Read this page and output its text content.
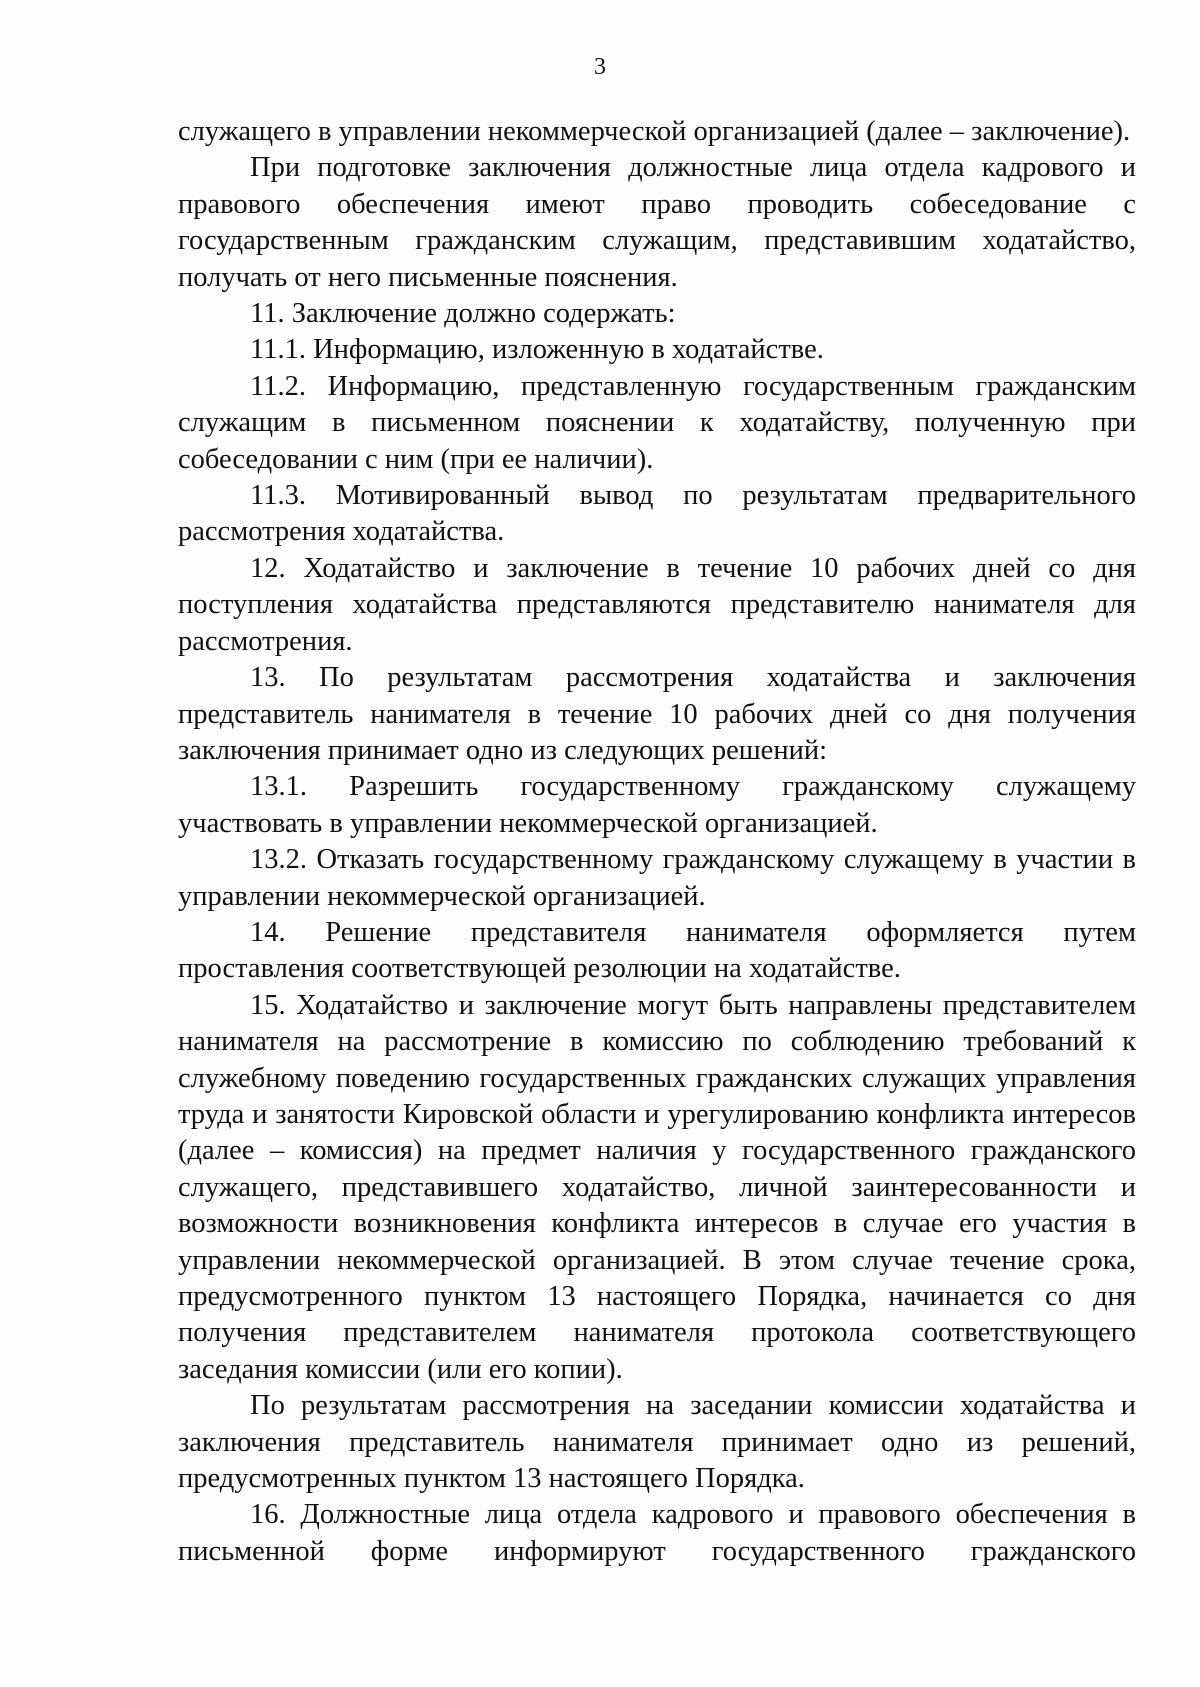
3

служащего в управлении некоммерческой организацией (далее – заключение).

При подготовке заключения должностные лица отдела кадрового и правового обеспечения имеют право проводить собеседование с государственным гражданским служащим, представившим ходатайство, получать от него письменные пояснения.

11. Заключение должно содержать:

11.1. Информацию, изложенную в ходатайстве.

11.2. Информацию, представленную государственным гражданским служащим в письменном пояснении к ходатайству, полученную при собеседовании с ним (при ее наличии).

11.3. Мотивированный вывод по результатам предварительного рассмотрения ходатайства.

12. Ходатайство и заключение в течение 10 рабочих дней со дня поступления ходатайства представляются представителю нанимателя для рассмотрения.

13. По результатам рассмотрения ходатайства и заключения представитель нанимателя в течение 10 рабочих дней со дня получения заключения принимает одно из следующих решений:

13.1. Разрешить государственному гражданскому служащему участвовать в управлении некоммерческой организацией.

13.2. Отказать государственному гражданскому служащему в участии в управлении некоммерческой организацией.

14. Решение представителя нанимателя оформляется путем проставления соответствующей резолюции на ходатайстве.

15. Ходатайство и заключение могут быть направлены представителем нанимателя на рассмотрение в комиссию по соблюдению требований к служебному поведению государственных гражданских служащих управления труда и занятости Кировской области и урегулированию конфликта интересов (далее – комиссия) на предмет наличия у государственного гражданского служащего, представившего ходатайство, личной заинтересованности и возможности возникновения конфликта интересов в случае его участия в управлении некоммерческой организацией. В этом случае течение срока, предусмотренного пунктом 13 настоящего Порядка, начинается со дня получения представителем нанимателя протокола соответствующего заседания комиссии (или его копии).

По результатам рассмотрения на заседании комиссии ходатайства и заключения представитель нанимателя принимает одно из решений, предусмотренных пунктом 13 настоящего Порядка.

16. Должностные лица отдела кадрового и правового обеспечения в письменной форме информируют государственного гражданского
